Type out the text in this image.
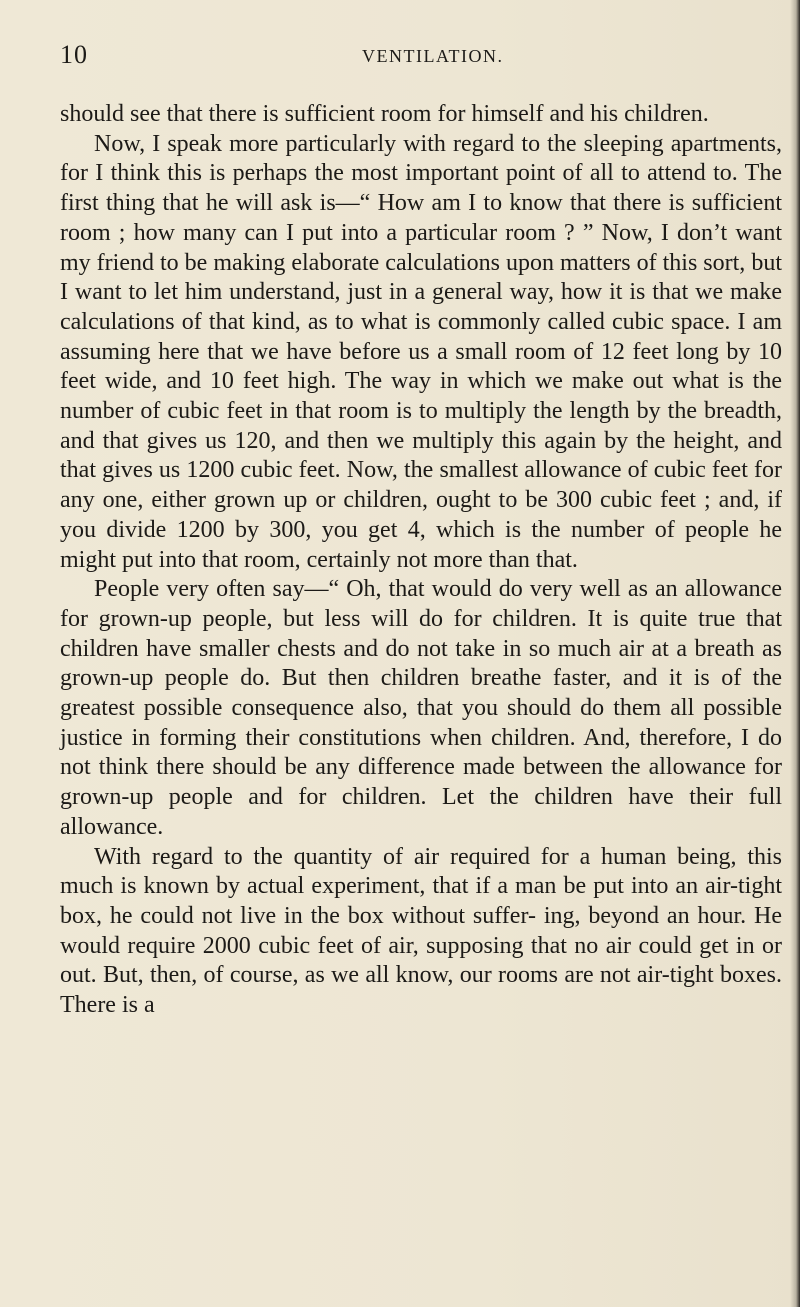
10	VENTILATION.

should see that there is sufficient room for himself and his children.

Now, I speak more particularly with regard to the sleeping apartments, for I think this is perhaps the most important point of all to attend to. The first thing that he will ask is—“ How am I to know that there is sufficient room ; how many can I put into a particular room ? ” Now, I don’t want my friend to be making elaborate calculations upon matters of this sort, but I want to let him understand, just in a general way, how it is that we make calculations of that kind, as to what is commonly called cubic space. I am assuming here that we have before us a small room of 12 feet long by 10 feet wide, and 10 feet high. The way in which we make out what is the number of cubic feet in that room is to multiply the length by the breadth, and that gives us 120, and then we multiply this again by the height, and that gives us 1200 cubic feet. Now, the smallest allowance of cubic feet for any one, either grown up or children, ought to be 300 cubic feet ; and, if you divide 1200 by 300, you get 4, which is the number of people he might put into that room, certainly not more than that.

People very often say—“ Oh, that would do very well as an allowance for grown-up people, but less will do for children. It is quite true that children have smaller chests and do not take in so much air at a breath as grown-up people do. But then children breathe faster, and it is of the greatest possible consequence also, that you should do them all possible justice in forming their constitutions when children. And, therefore, I do not think there should be any difference made between the allowance for grown-up people and for children. Let the children have their full allowance.

With regard to the quantity of air required for a human being, this much is known by actual experiment, that if a man be put into an air-tight box, he could not live in the box without suffer- ing, beyond an hour. He would require 2000 cubic feet of air, supposing that no air could get in or out. But, then, of course, as we all know, our rooms are not air-tight boxes. There is a
